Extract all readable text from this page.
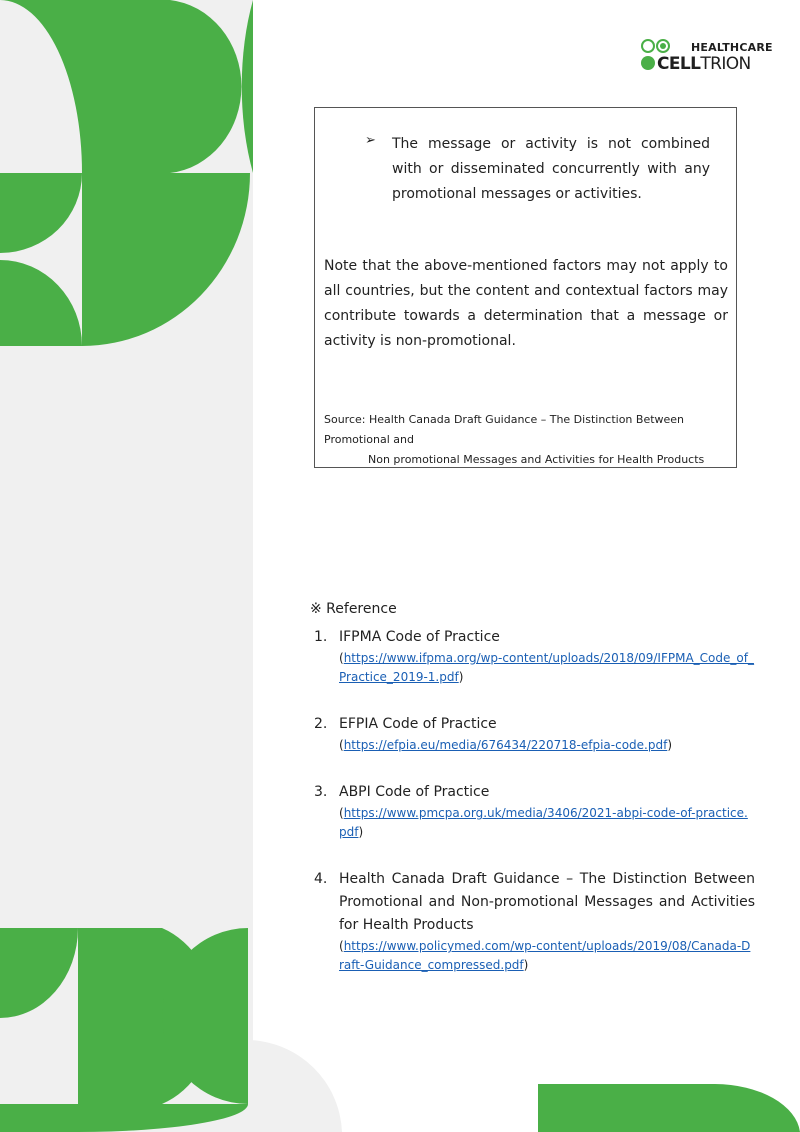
HEALTHCARE
CELLTRION
➢ The message or activity is not combined with or disseminated concurrently with any promotional messages or activities.
Note that the above-mentioned factors may not apply to all countries, but the content and contextual factors may contribute towards a determination that a message or activity is non-promotional.
Source: Health Canada Draft Guidance – The Distinction Between Promotional and
Non promotional Messages and Activities for Health Products
※ Reference
1. IFPMA Code of Practice
(https://www.ifpma.org/wp-content/uploads/2018/09/IFPMA_Code_of_Practice_2019-1.pdf)
2. EFPIA Code of Practice
(https://efpia.eu/media/676434/220718-efpia-code.pdf)
3. ABPI Code of Practice
(https://www.pmcpa.org.uk/media/3406/2021-abpi-code-of-practice.pdf)
4. Health Canada Draft Guidance – The Distinction Between Promotional and Non-promotional Messages and Activities for Health Products
(https://www.policymed.com/wp-content/uploads/2019/08/Canada-Draft-Guidance_compressed.pdf)
